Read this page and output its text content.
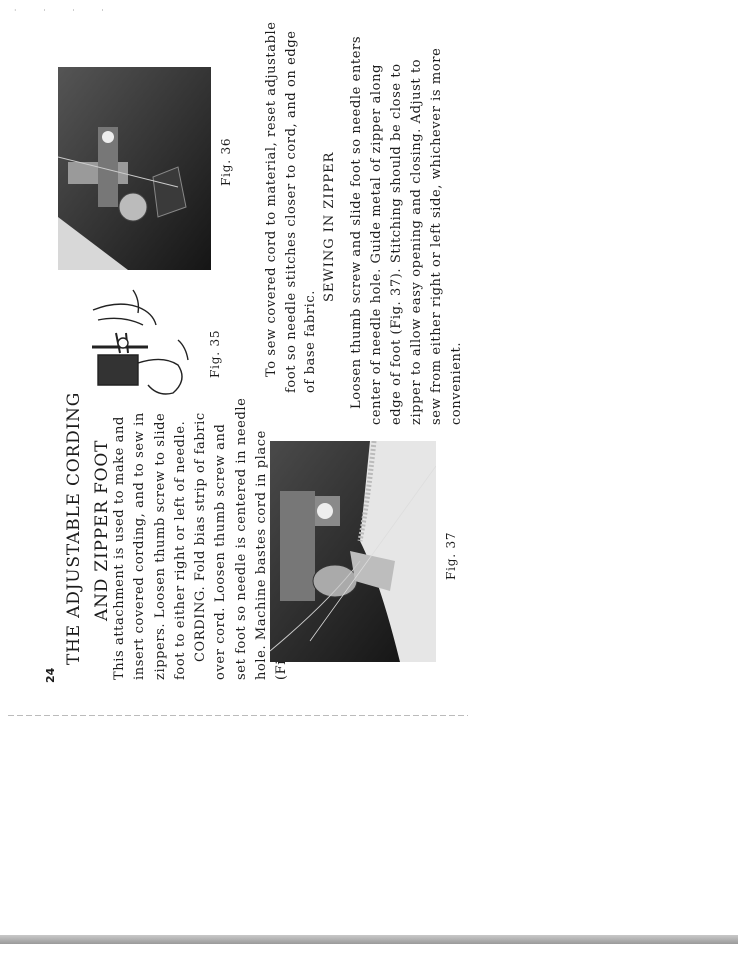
· · · ·
24
THE ADJUSTABLE CORDING AND ZIPPER FOOT This attachment is used to make and insert covered cording, and to sew in zippers. Loosen thumb screw to slide foot to either right or left of needle. CORDING. Fold bias strip of fabric over cord. Loosen thumb screw and set foot so needle is centered in needle hole. Machine bastes cord in place
Fig. 35
Fig. 36
Fig. 37
To sew covered cord to material, reset adjustable foot so needle stitches closer to cord, and on edge of base fabric.
SEWING IN ZIPPER Loosen thumb screw and slide foot so needle enters center of needle hole. Guide metal of zipper along edge of foot (Fig. 37). Stitching should be close to zipper to allow easy opening and closing. Adjust to sew from either right or left side, whichever is more convenient.
